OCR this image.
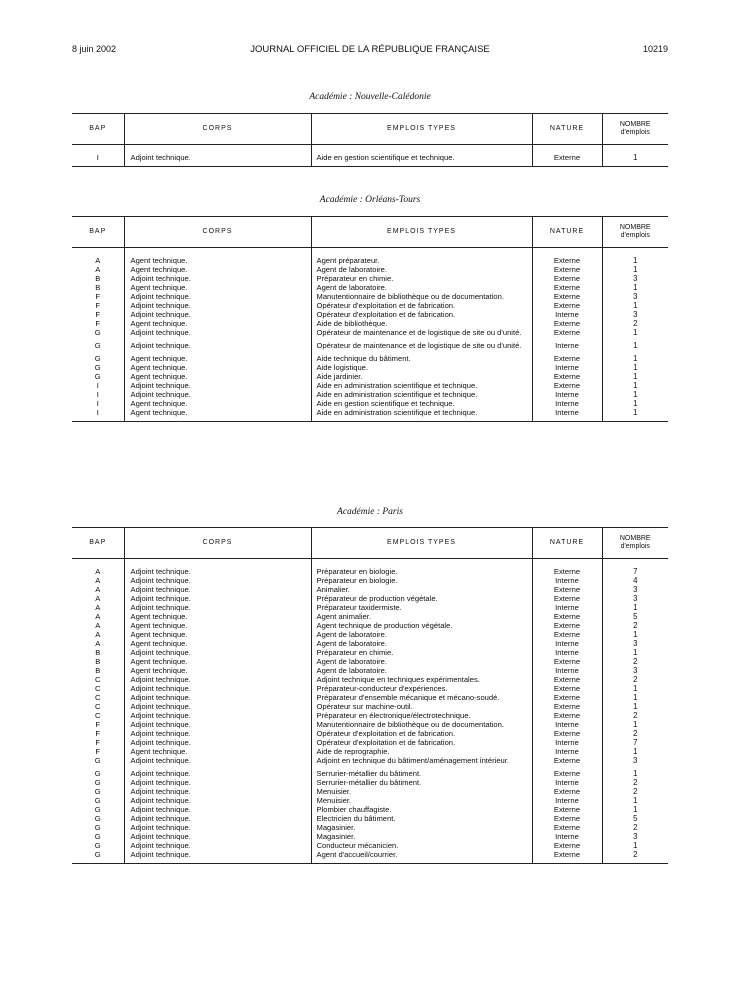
8 juin 2002	JOURNAL OFFICIEL DE LA RÉPUBLIQUE FRANÇAISE	10219
Académie : Nouvelle-Calédonie
BAP	CORPS	EMPLOIS TYPES	NATURE	NOMBRE
d'emplois

I	Adjoint technique.	Aide en gestion scientifique et technique.	Externe	1

Académie : Orléans-Tours
BAP	CORPS	EMPLOIS TYPES	NATURE	NOMBRE
d'emplois

A	Agent technique.	Agent préparateur.	Externe	1
A	Agent technique.	Agent de laboratoire.	Externe	1
B	Adjoint technique.	Préparateur en chimie.	Externe	3
B	Agent technique.	Agent de laboratoire.	Externe	1
F	Adjoint technique.	Manutentionnaire de bibliothèque ou de documentation.	Externe	3
F	Adjoint technique.	Opérateur d'exploitation et de fabrication.	Externe	1
F	Adjoint technique.	Opérateur d'exploitation et de fabrication.	Interne	3
F	Agent technique.	Aide de bibliothèque.	Externe	2
G	Adjoint technique.	Opérateur de maintenance et de logistique de site ou d'unité.	Externe	1

G	Adjoint technique.	Opérateur de maintenance et de logistique de site ou d'unité.	Interne	1

G	Agent technique.	Aide technique du bâtiment.	Externe	1
G	Agent technique.	Aide logistique.	Interne	1
G	Agent technique.	Aide jardinier.	Externe	1
I	Adjoint technique.	Aide en administration scientifique et technique.	Externe	1
I	Adjoint technique.	Aide en administration scientifique et technique.	Interne	1
I	Agent technique.	Aide en gestion scientifique et technique.	Interne	1
I	Agent technique.	Aide en administration scientifique et technique.	Interne	1

Académie : Paris
BAP	CORPS	EMPLOIS TYPES	NATURE	NOMBRE
d'emplois

A	Adjoint technique.	Préparateur en biologie.	Externe	7
A	Adjoint technique.	Préparateur en biologie.	Interne	4
A	Adjoint technique.	Animalier.	Externe	3
A	Adjoint technique.	Préparateur de production végétale.	Externe	3
A	Adjoint technique.	Préparateur taxidermiste.	Interne	1
A	Agent technique.	Agent animalier.	Externe	5
A	Agent technique.	Agent technique de production végétale.	Externe	2
A	Agent technique.	Agent de laboratoire.	Externe	1
A	Agent technique.	Agent de laboratoire.	Interne	3
B	Adjoint technique.	Préparateur en chimie.	Interne	1
B	Agent technique.	Agent de laboratoire.	Externe	2
B	Agent technique.	Agent de laboratoire.	Interne	3
C	Adjoint technique.	Adjoint technique en techniques expérimentales.	Externe	2
C	Adjoint technique.	Préparateur-conducteur d'expériences.	Externe	1
C	Adjoint technique.	Préparateur d'ensemble mécanique et mécano-soudé.	Externe	1
C	Adjoint technique.	Opérateur sur machine-outil.	Externe	1
C	Adjoint technique.	Préparateur en électronique/électrotechnique.	Externe	2
F	Adjoint technique.	Manutentionnaire de bibliothèque ou de documentation.	Interne	1
F	Adjoint technique.	Opérateur d'exploitation et de fabrication.	Externe	2
F	Adjoint technique.	Opérateur d'exploitation et de fabrication.	Interne	7
F	Agent technique.	Aide de reprographie.	Interne	1
G	Adjoint technique.	Adjoint en technique du bâtiment/aménagement intérieur.	Externe	3

G	Adjoint technique.	Serrurier-métallier du bâtiment.	Externe	1
G	Adjoint technique.	Serrurier-métallier du bâtiment.	Interne	2
G	Adjoint technique.	Menuisier.	Externe	2
G	Adjoint technique.	Menuisier.	Interne	1
G	Adjoint technique.	Plombier chauffagiste.	Externe	1
G	Adjoint technique.	Electricien du bâtiment.	Externe	5
G	Adjoint technique.	Magasinier.	Externe	2
G	Adjoint technique.	Magasinier.	Interne	3
G	Adjoint technique.	Conducteur mécanicien.	Externe	1
G	Adjoint technique.	Agent d'accueil/courrier.	Externe	2
